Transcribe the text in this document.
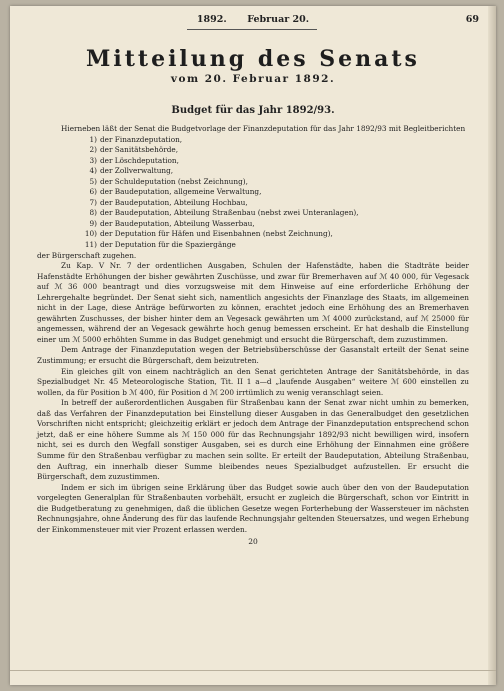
1892. Februar 20.	69
Mitteilung des Senats
vom 20. Februar 1892.
Budget für das Jahr 1892/93.

Hierneben läßt der Senat die Budgetvorlage der Finanzdeputation für das Jahr 1892/93 mit Begleitberichten

1) der Finanzdeputation,
2) der Sanitätsbehörde,
3) der Löschdeputation,
4) der Zollverwaltung,
5) der Schuldeputation (nebst Zeichnung),
6) der Baudeputation, allgemeine Verwaltung,
7) der Baudeputation, Abteilung Hochbau,
8) der Baudeputation, Abteilung Straßenbau (nebst zwei Unteranlagen),
9) der Baudeputation, Abteilung Wasserbau,
10) der Deputation für Häfen und Eisenbahnen (nebst Zeichnung),
11) der Deputation für die Spaziergänge

der Bürgerschaft zugehen.

Zu Kap. V Nr. 7 der ordentlichen Ausgaben, Schulen der Hafenstädte, haben die Stadträte beider Hafenstädte Erhöhungen der bisher gewährten Zuschüsse, und zwar für Bremerhaven auf ℳ 40 000, für Vegesack auf ℳ 36 000 beantragt und dies vorzugsweise mit dem Hinweise auf eine erforderliche Erhöhung der Lehrergehalte begründet. Der Senat sieht sich, namentlich angesichts der Finanzlage des Staats, im allgemeinen nicht in der Lage, diese Anträge befürworten zu können, erachtet jedoch eine Erhöhung des an Bremerhaven gewährten Zuschusses, der bisher hinter dem an Vegesack gewährten um ℳ 4000 zurückstand, auf ℳ 25000 für angemessen, während der an Vegesack gewährte hoch genug bemessen erscheint. Er hat deshalb die Einstellung einer um ℳ 5000 erhöhten Summe in das Budget genehmigt und ersucht die Bürgerschaft, dem zuzustimmen.

Dem Antrage der Finanzdeputation wegen der Betriebsüberschüsse der Gasanstalt erteilt der Senat seine Zustimmung; er ersucht die Bürgerschaft, dem beizutreten.

Ein gleiches gilt von einem nachträglich an den Senat gerichteten Antrage der Sanitätsbehörde, in das Spezialbudget Nr. 45 Meteorologische Station, Tit. II 1 a—d „laufende Ausgaben“ weitere ℳ 600 einstellen zu wollen, da für Position b ℳ 400, für Position d ℳ 200 irrtümlich zu wenig veranschlagt seien.

In betreff der außerordentlichen Ausgaben für Straßenbau kann der Senat zwar nicht umhin zu bemerken, daß das Verfahren der Finanzdeputation bei Einstellung dieser Ausgaben in das Generalbudget den gesetzlichen Vorschriften nicht entspricht; gleichzeitig erklärt er jedoch dem Antrage der Finanzdeputation entsprechend schon jetzt, daß er eine höhere Summe als ℳ 150 000 für das Rechnungsjahr 1892/93 nicht bewilligen wird, insofern nicht, sei es durch den Wegfall sonstiger Ausgaben, sei es durch eine Erhöhung der Einnahmen eine größere Summe für den Straßenbau verfügbar zu machen sein sollte. Er erteilt der Baudeputation, Abteilung Straßenbau, den Auftrag, ein innerhalb dieser Summe bleibendes neues Spezialbudget aufzustellen. Er ersucht die Bürgerschaft, dem zuzustimmen.

Indem er sich im übrigen seine Erklärung über das Budget sowie auch über den von der Baudeputation vorgelegten Generalplan für Straßenbauten vorbehält, ersucht er zugleich die Bürgerschaft, schon vor Eintritt in die Budgetberatung zu genehmigen, daß die üblichen Gesetze wegen Forterhebung der Wassersteuer im nächsten Rechnungsjahre, ohne Änderung des für das laufende Rechnungsjahr geltenden Steuersatzes, und wegen Erhebung der Einkommensteuer mit vier Prozent erlassen werden.

20
